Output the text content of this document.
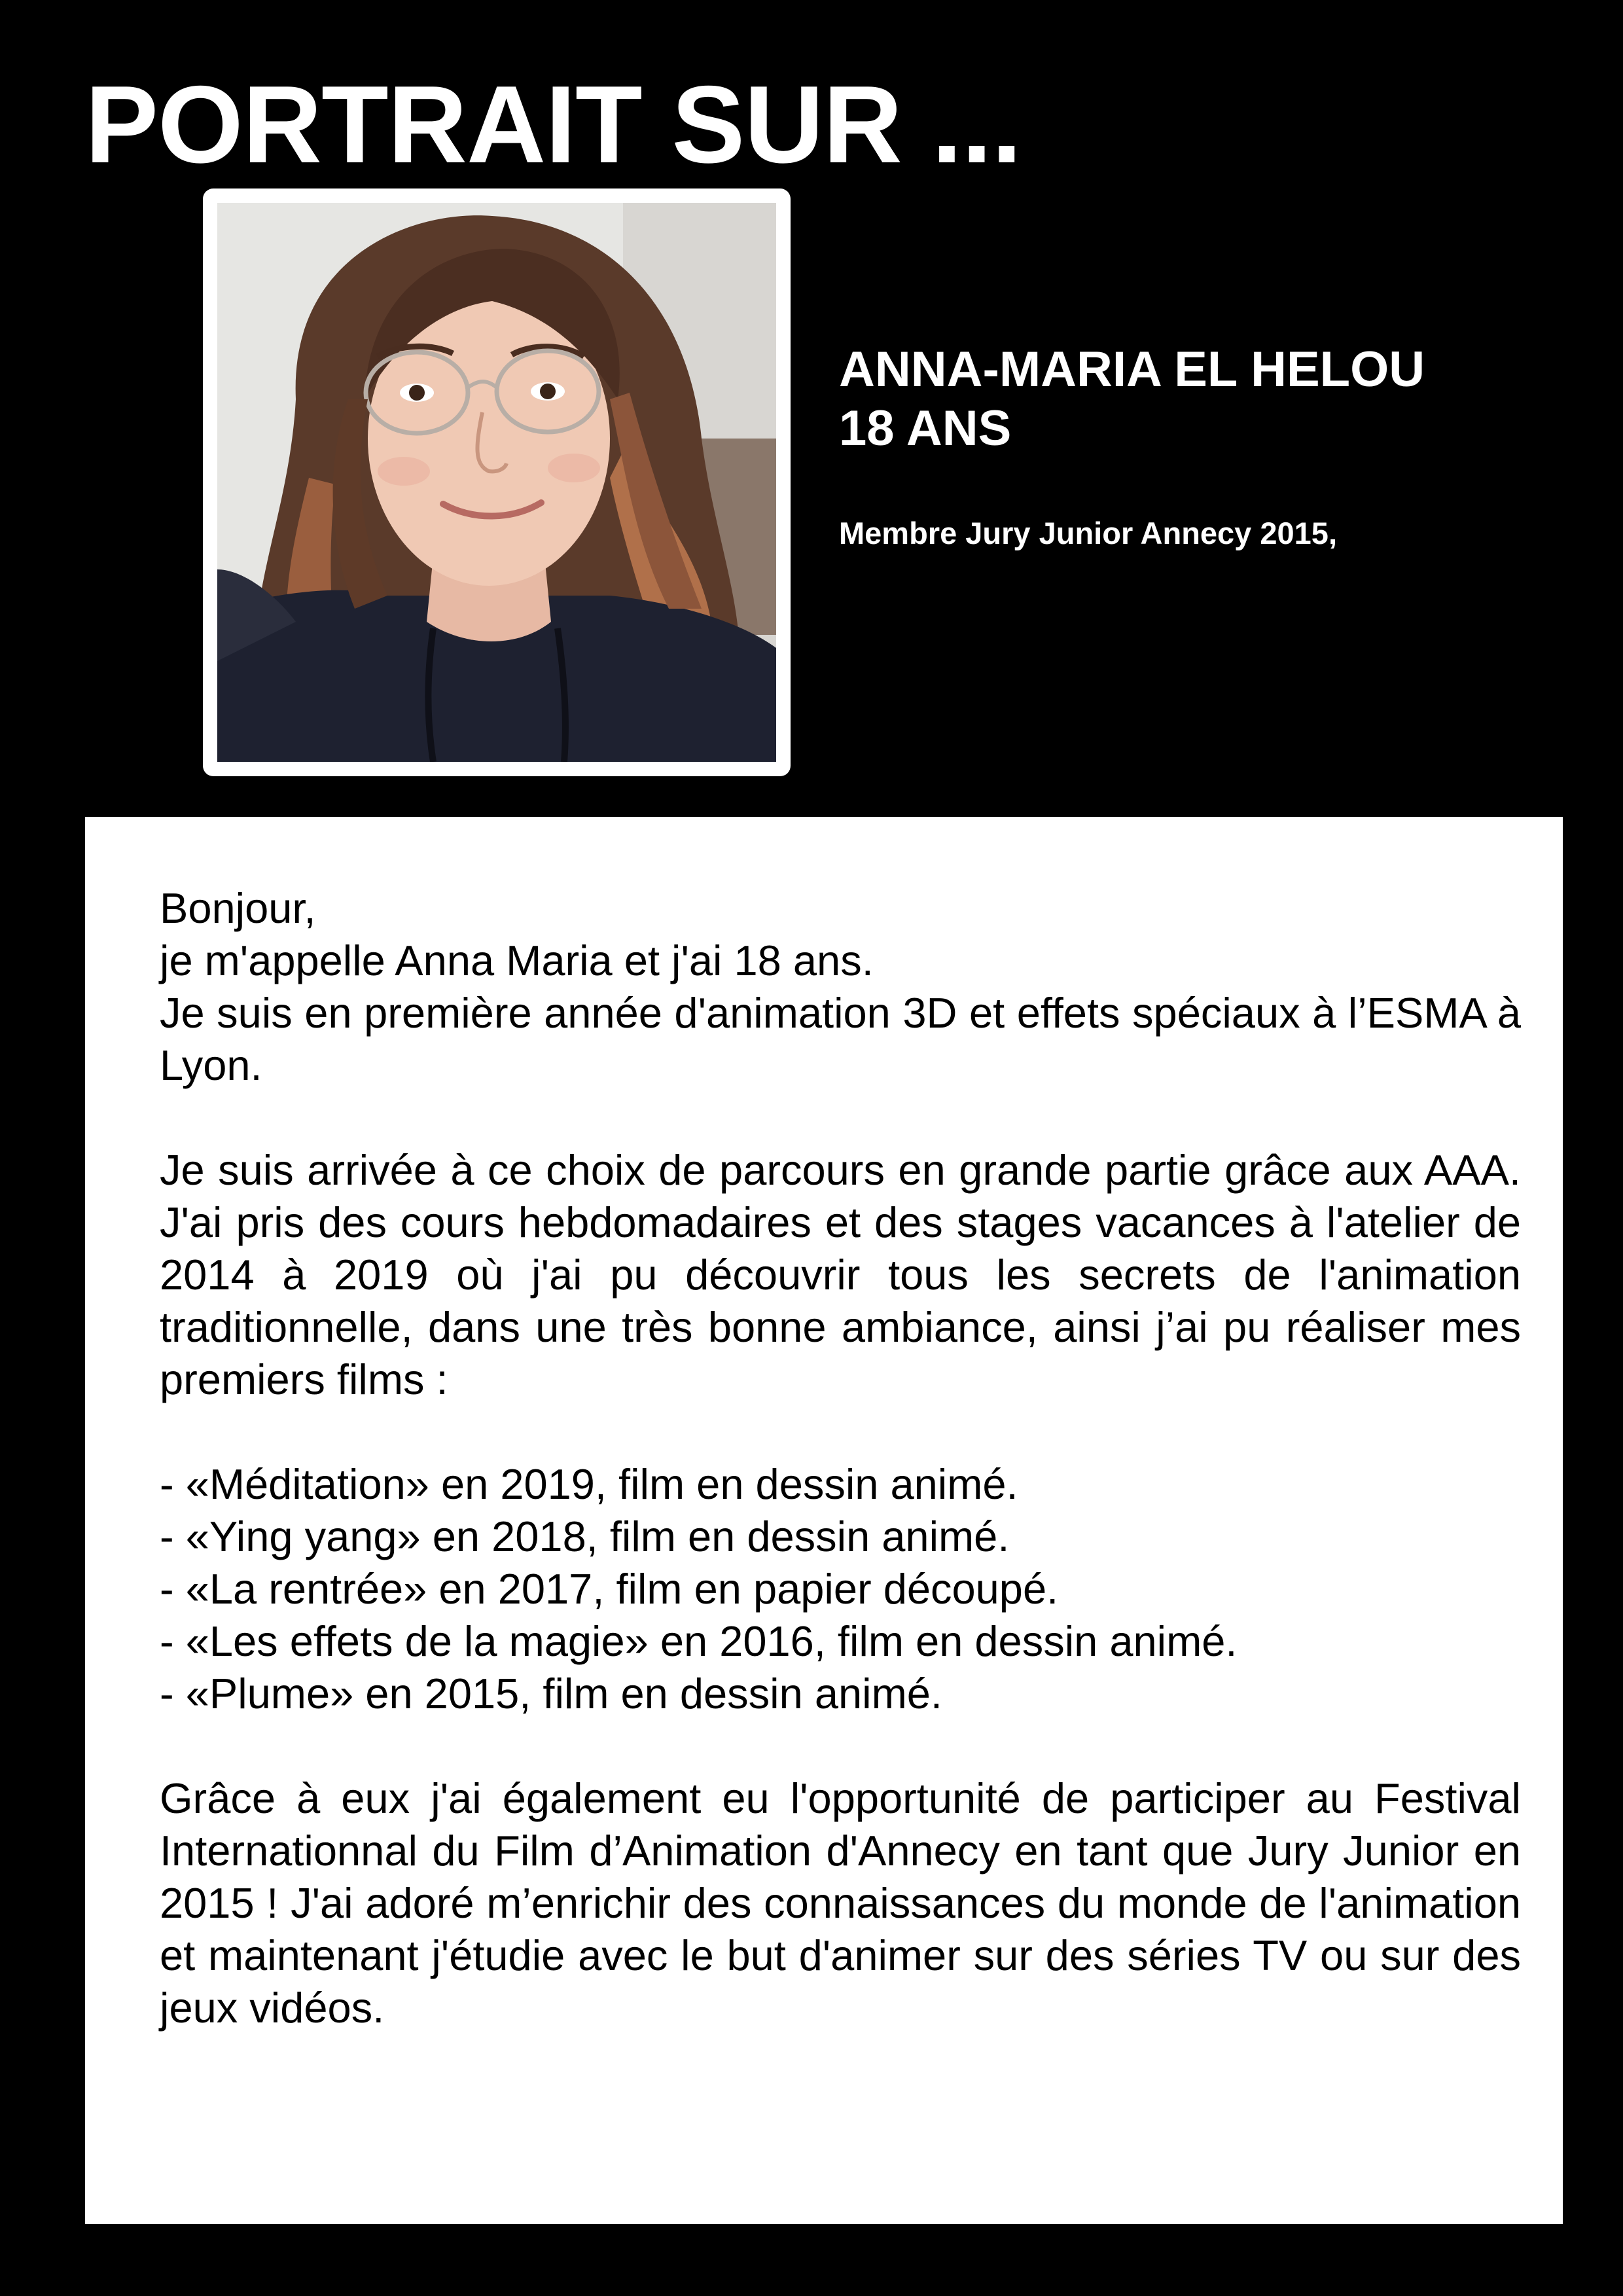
PORTRAIT SUR ...

ANNA-MARIA EL HELOU

18 ANS

Membre Jury Junior Annecy 2015,

Bonjour,

je m'appelle Anna Maria et j'ai 18 ans.

Je suis en première année d'animation 3D et effets spéciaux à l’ESMA à Lyon.

Je suis arrivée à ce choix de parcours en grande partie grâce aux AAA. J'ai pris des cours hebdomadaires et des stages vacances à l'atelier de 2014 à 2019 où j'ai pu découvrir tous les secrets de l'animation traditionnelle, dans une très bonne ambiance, ainsi j’ai pu réaliser mes premiers films :

- «Méditation» en 2019, film en dessin animé.
- «Ying yang» en 2018, film en dessin animé.
- «La rentrée» en 2017, film en papier découpé.
- «Les effets de la magie» en 2016, film en dessin animé.
- «Plume» en 2015, film en dessin animé.

Grâce à eux j'ai également eu l'opportunité de participer au Festival Internationnal du Film d’Animation d'Annecy en tant que Jury Junior en 2015 ! J'ai adoré m’enrichir des connaissances du monde de l'animation et maintenant j'étudie avec le but d'animer sur des séries TV ou sur des jeux vidéos.
